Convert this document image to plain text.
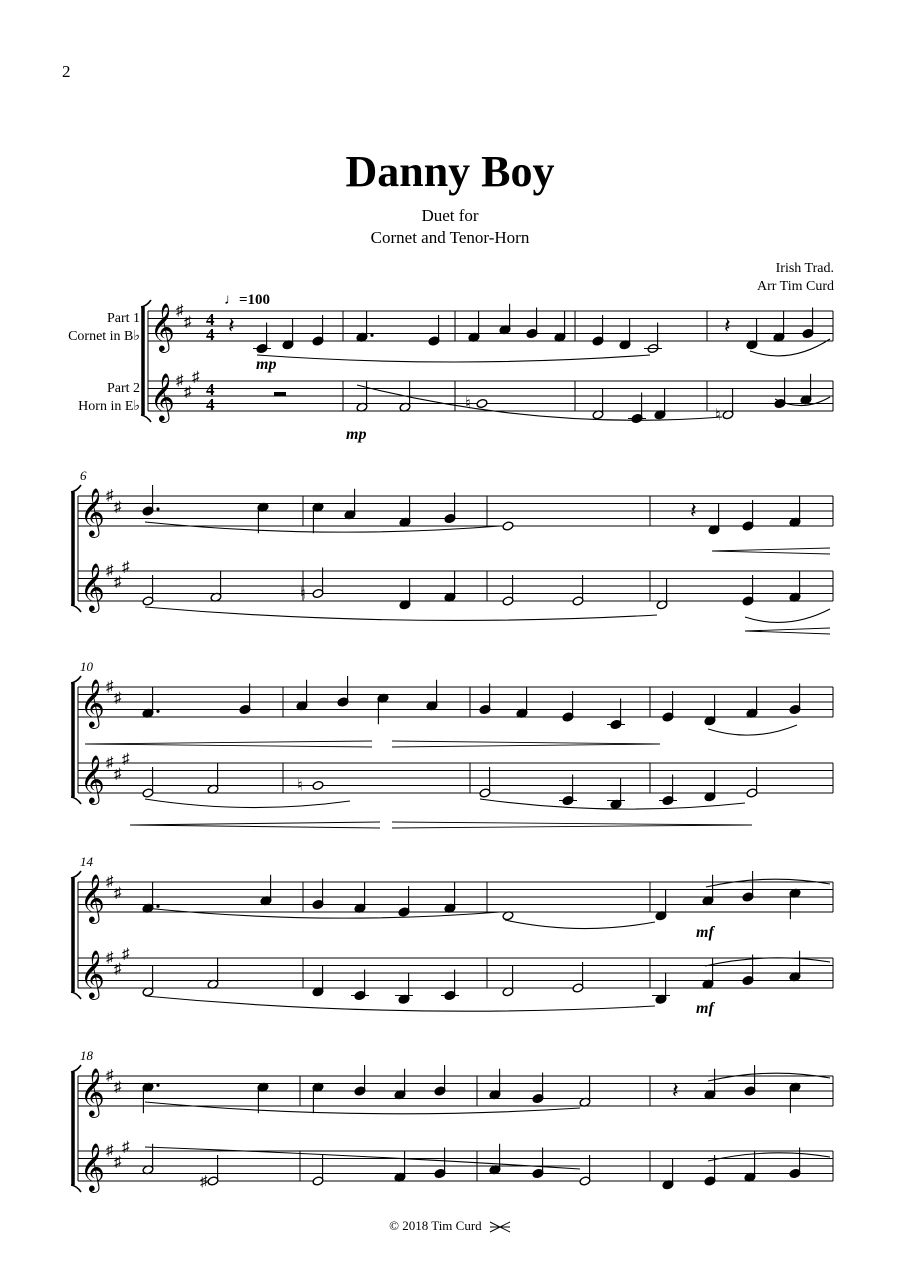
2
Danny Boy
Duet for
Cornet and Tenor-Horn
Irish Trad.
Arr Tim Curd
Part 1
Cornet in B♭
Part 2
Horn in E♭
♩=100
𝄞
𝄞
♯
♯
♯
♯
♯
𝄞
𝄞
♯
♯
♯
♯
♯
6
𝄞
𝄞
♯
♯
♯
♯
♯
10
𝄞
𝄞
♯
♯
♯
♯
♯
14
𝄞
𝄞
♯
♯
♯
♯
♯
18
4
4
4
4
𝄽	𝄽
mp
♮
♮
mp
𝄽
♮
♮
mf
mf
𝄽
♯
© 2018 Tim Curd
